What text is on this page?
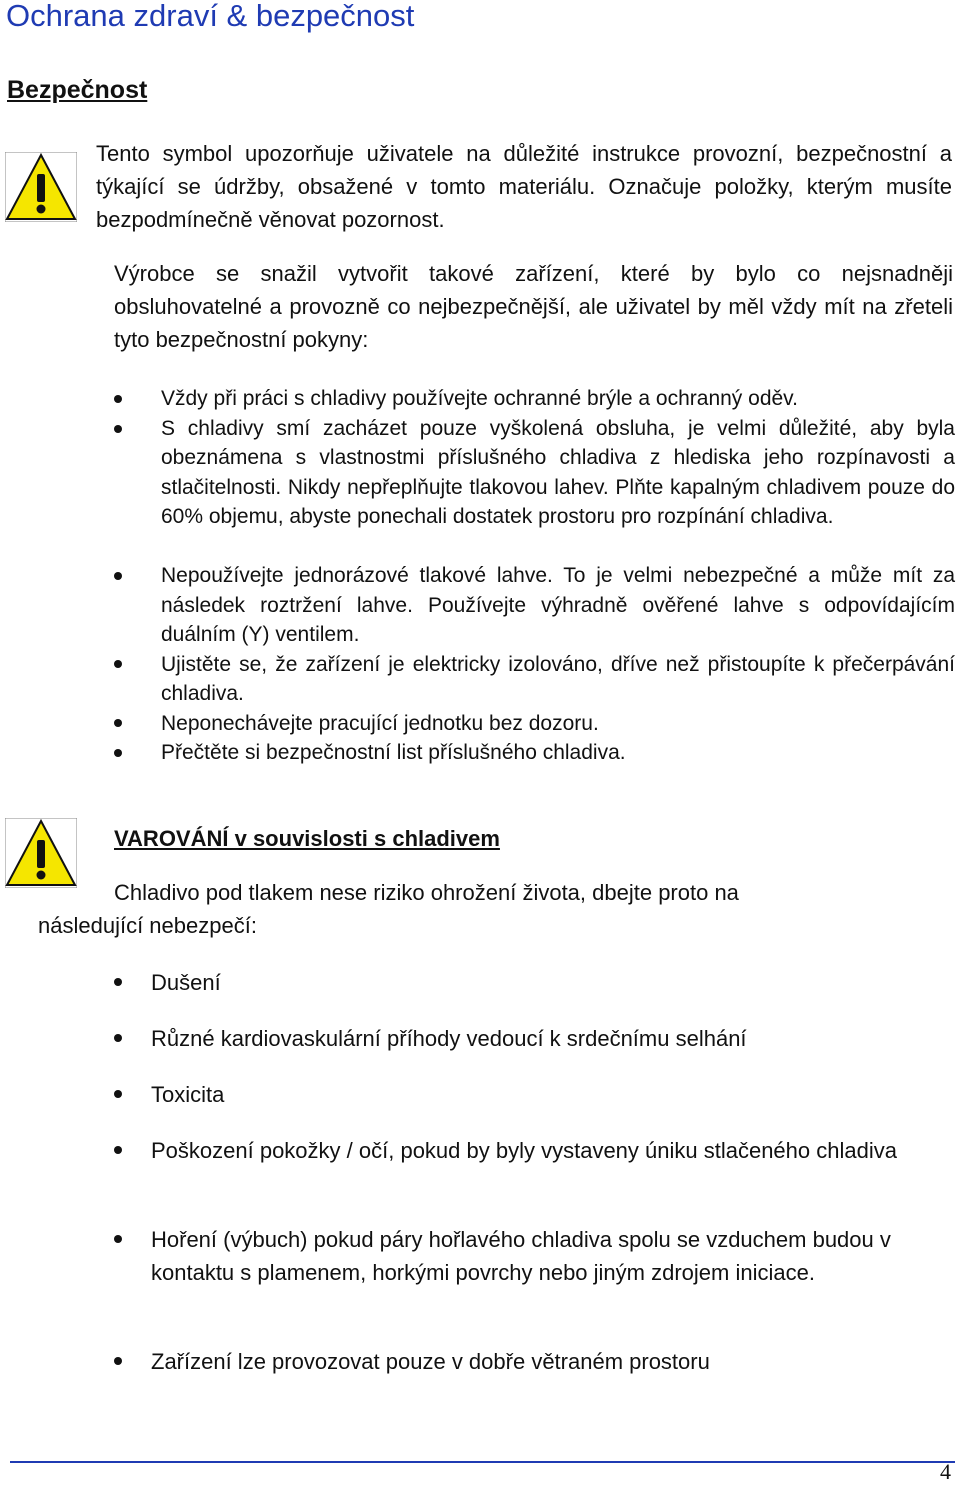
Ochrana zdraví & bezpečnost
Bezpečnost
Tento symbol upozorňuje uživatele na důležité instrukce provozní, bezpečnostní a týkající se údržby, obsažené v tomto materiálu. Označuje položky, kterým musíte bezpodmínečně věnovat pozornost.
Výrobce se snažil vytvořit takové zařízení, které by bylo co nejsnadněji obsluhovatelné a provozně co nejbezpečnější, ale uživatel by měl vždy mít na zřeteli tyto bezpečnostní pokyny:
Vždy při práci s chladivy používejte ochranné brýle a ochranný oděv.
S chladivy smí zacházet pouze vyškolená obsluha, je velmi důležité, aby byla obeznámena s vlastnostmi příslušného chladiva z hlediska jeho rozpínavosti a stlačitelnosti. Nikdy nepřeplňujte tlakovou lahev. Plňte kapalným chladivem pouze do 60% objemu, abyste ponechali dostatek prostoru pro rozpínání chladiva.
Nepoužívejte jednorázové tlakové lahve. To je velmi nebezpečné a může mít za následek roztržení lahve. Používejte výhradně ověřené lahve s odpovídajícím duálním (Y) ventilem.
Ujistěte se, že zařízení je elektricky izolováno, dříve než přistoupíte k přečerpávání chladiva.
Neponechávejte pracující jednotku bez dozoru.
Přečtěte si bezpečnostní list příslušného chladiva.
VAROVÁNÍ v souvislosti s chladivem
Chladivo pod tlakem nese riziko ohrožení života, dbejte proto na
následující nebezpečí:
Dušení
Různé kardiovaskulární příhody vedoucí k srdečnímu selhání
Toxicita
Poškození pokožky / očí, pokud by byly vystaveny úniku stlačeného chladiva
Hoření (výbuch) pokud páry hořlavého chladiva spolu se vzduchem budou v kontaktu s plamenem, horkými povrchy nebo jiným zdrojem iniciace.
Zařízení lze provozovat pouze v dobře větraném prostoru
4
